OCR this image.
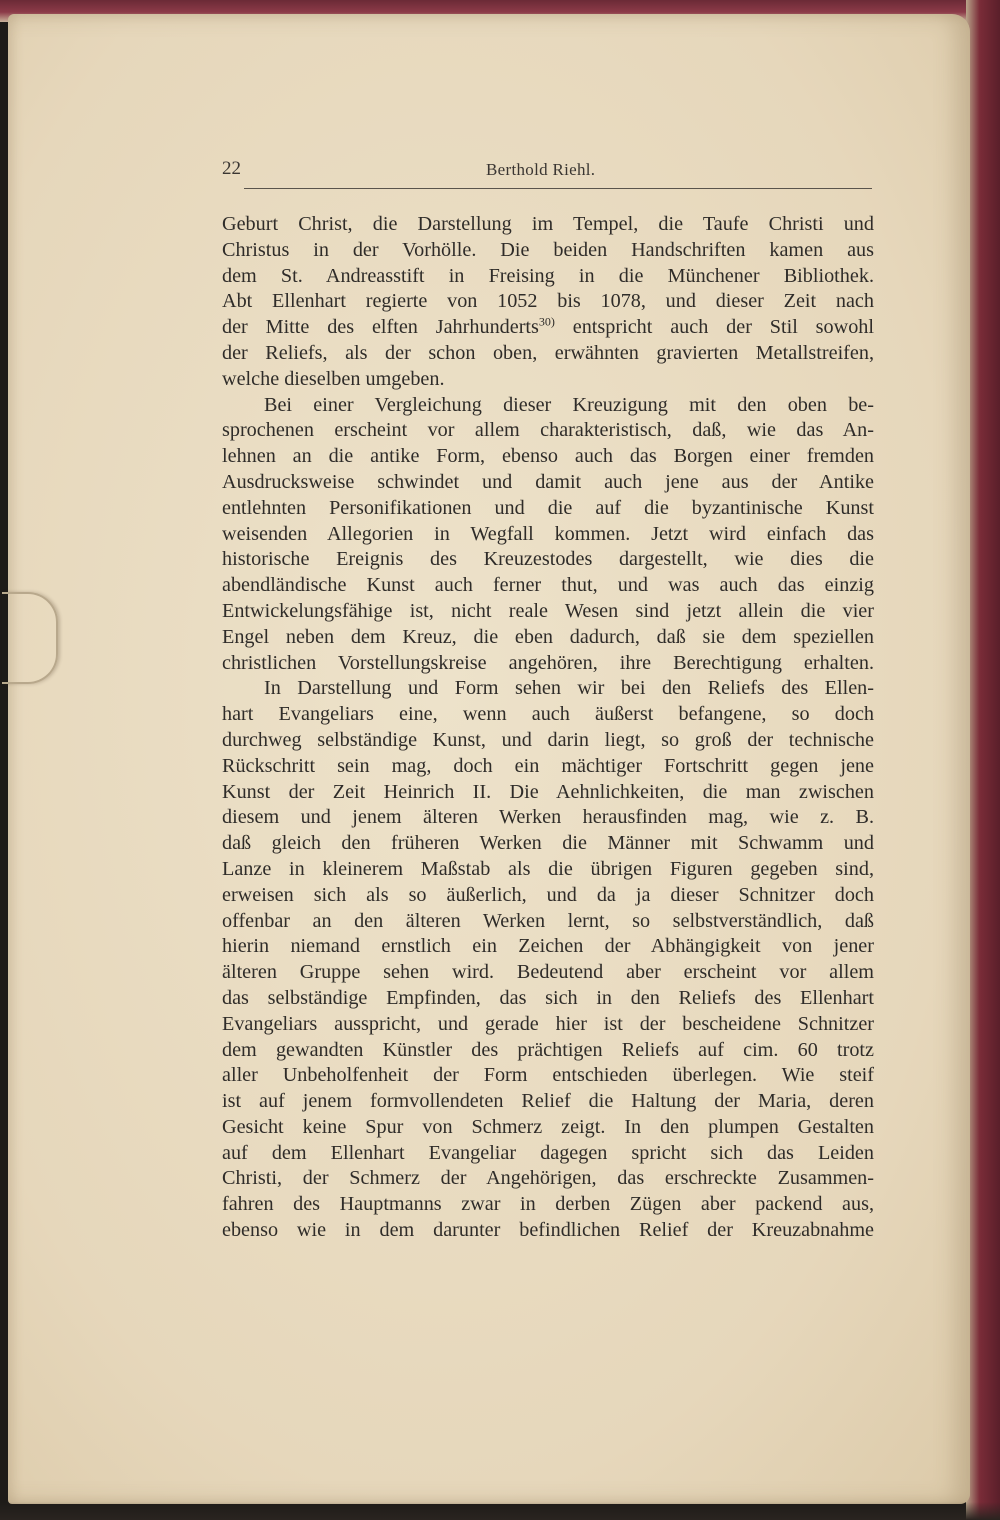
22	Berthold Riehl.
Geburt Christ, die Darstellung im Tempel, die Taufe Christi und
Christus in der Vorhölle. Die beiden Handschriften kamen aus
dem St. Andreasstift in Freising in die Münchener Bibliothek.
Abt Ellenhart regierte von 1052 bis 1078, und dieser Zeit nach
der Mitte des elften Jahrhunderts$^{30)}$ entspricht auch der Stil sowohl
der Reliefs, als der schon oben, erwähnten gravierten Metallstreifen,
welche dieselben umgeben.
Bei einer Vergleichung dieser Kreuzigung mit den oben be-
sprochenen erscheint vor allem charakteristisch, daß, wie das An-
lehnen an die antike Form, ebenso auch das Borgen einer fremden
Ausdrucksweise schwindet und damit auch jene aus der Antike
entlehnten Personifikationen und die auf die byzantinische Kunst
weisenden Allegorien in Wegfall kommen. Jetzt wird einfach das
historische Ereignis des Kreuzestodes dargestellt, wie dies die
abendländische Kunst auch ferner thut, und was auch das einzig
Entwickelungsfähige ist, nicht reale Wesen sind jetzt allein die vier
Engel neben dem Kreuz, die eben dadurch, daß sie dem speziellen
christlichen Vorstellungskreise angehören, ihre Berechtigung erhalten.
In Darstellung und Form sehen wir bei den Reliefs des Ellen-
hart Evangeliars eine, wenn auch äußerst befangene, so doch
durchweg selbständige Kunst, und darin liegt, so groß der technische
Rückschritt sein mag, doch ein mächtiger Fortschritt gegen jene
Kunst der Zeit Heinrich II. Die Aehnlichkeiten, die man zwischen
diesem und jenem älteren Werken herausfinden mag, wie z. B.
daß gleich den früheren Werken die Männer mit Schwamm und
Lanze in kleinerem Maßstab als die übrigen Figuren gegeben sind,
erweisen sich als so äußerlich, und da ja dieser Schnitzer doch
offenbar an den älteren Werken lernt, so selbstverständlich, daß
hierin niemand ernstlich ein Zeichen der Abhängigkeit von jener
älteren Gruppe sehen wird. Bedeutend aber erscheint vor allem
das selbständige Empfinden, das sich in den Reliefs des Ellenhart
Evangeliars ausspricht, und gerade hier ist der bescheidene Schnitzer
dem gewandten Künstler des prächtigen Reliefs auf cim. 60 trotz
aller Unbeholfenheit der Form entschieden überlegen. Wie steif
ist auf jenem formvollendeten Relief die Haltung der Maria, deren
Gesicht keine Spur von Schmerz zeigt. In den plumpen Gestalten
auf dem Ellenhart Evangeliar dagegen spricht sich das Leiden
Christi, der Schmerz der Angehörigen, das erschreckte Zusammen-
fahren des Hauptmanns zwar in derben Zügen aber packend aus,
ebenso wie in dem darunter befindlichen Relief der Kreuzabnahme
